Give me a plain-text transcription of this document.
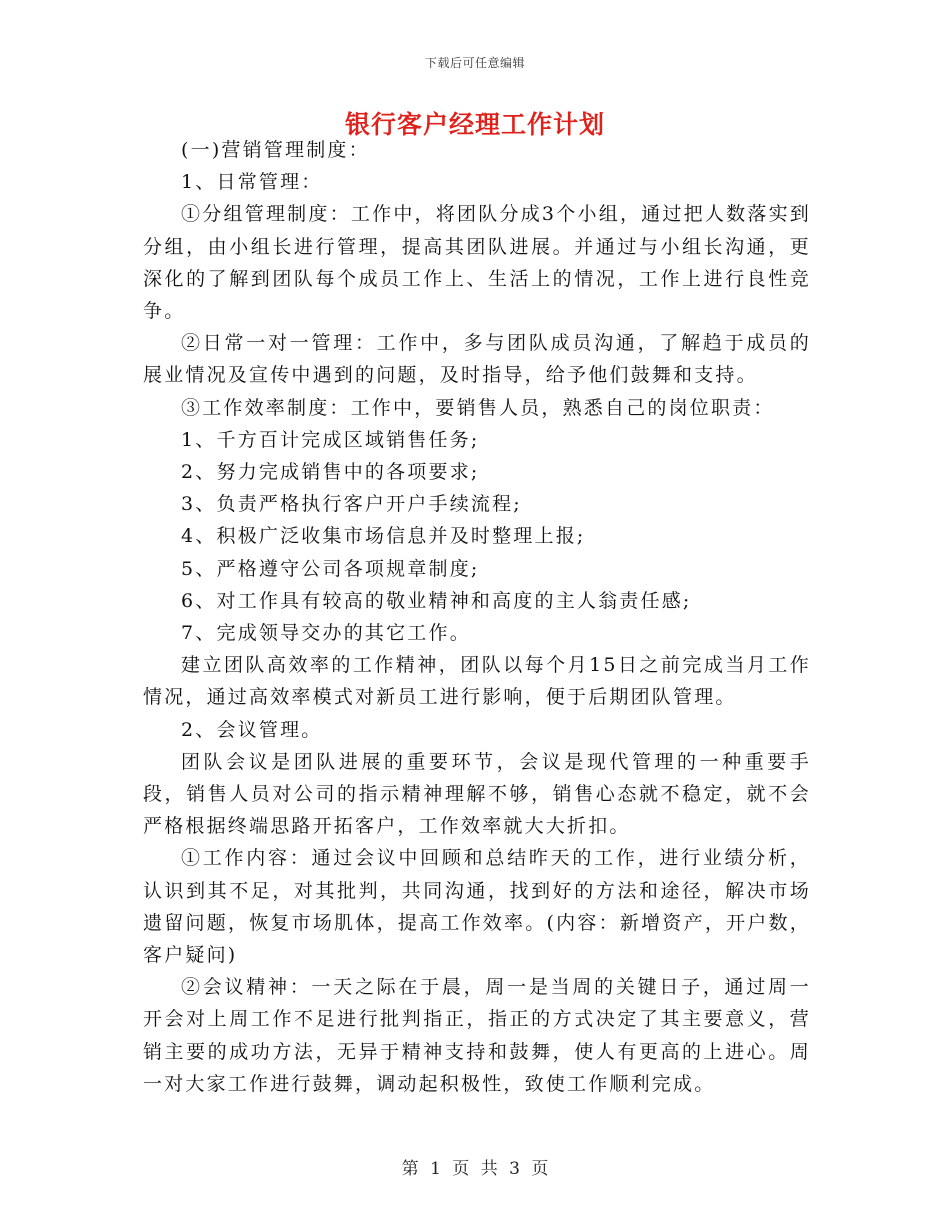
下载后可任意编辑
银行客户经理工作计划

(一)营销管理制度：

1、日常管理：

①分组管理制度：工作中，将团队分成3个小组，通过把人数落实到分组，由小组长进行管理，提高其团队进展。并通过与小组长沟通，更深化的了解到团队每个成员工作上、生活上的情况，工作上进行良性竞争。

②日常一对一管理：工作中，多与团队成员沟通，了解趋于成员的展业情况及宣传中遇到的问题，及时指导，给予他们鼓舞和支持。

③工作效率制度：工作中，要销售人员，熟悉自己的岗位职责：

1、千方百计完成区域销售任务;

2、努力完成销售中的各项要求;

3、负责严格执行客户开户手续流程;

4、积极广泛收集市场信息并及时整理上报;

5、严格遵守公司各项规章制度;

6、对工作具有较高的敬业精神和高度的主人翁责任感;

7、完成领导交办的其它工作。

建立团队高效率的工作精神，团队以每个月15日之前完成当月工作情况，通过高效率模式对新员工进行影响，便于后期团队管理。

2、会议管理。

团队会议是团队进展的重要环节，会议是现代管理的一种重要手段，销售人员对公司的指示精神理解不够，销售心态就不稳定，就不会严格根据终端思路开拓客户，工作效率就大大折扣。

①工作内容：通过会议中回顾和总结昨天的工作，进行业绩分析，认识到其不足，对其批判，共同沟通，找到好的方法和途径，解决市场遗留问题，恢复市场肌体，提高工作效率。(内容：新增资产，开户数，客户疑问)

②会议精神：一天之际在于晨，周一是当周的关键日子，通过周一开会对上周工作不足进行批判指正，指正的方式决定了其主要意义，营销主要的成功方法，无异于精神支持和鼓舞，使人有更高的上进心。周一对大家工作进行鼓舞，调动起积极性，致使工作顺利完成。

第 1 页 共 3 页
